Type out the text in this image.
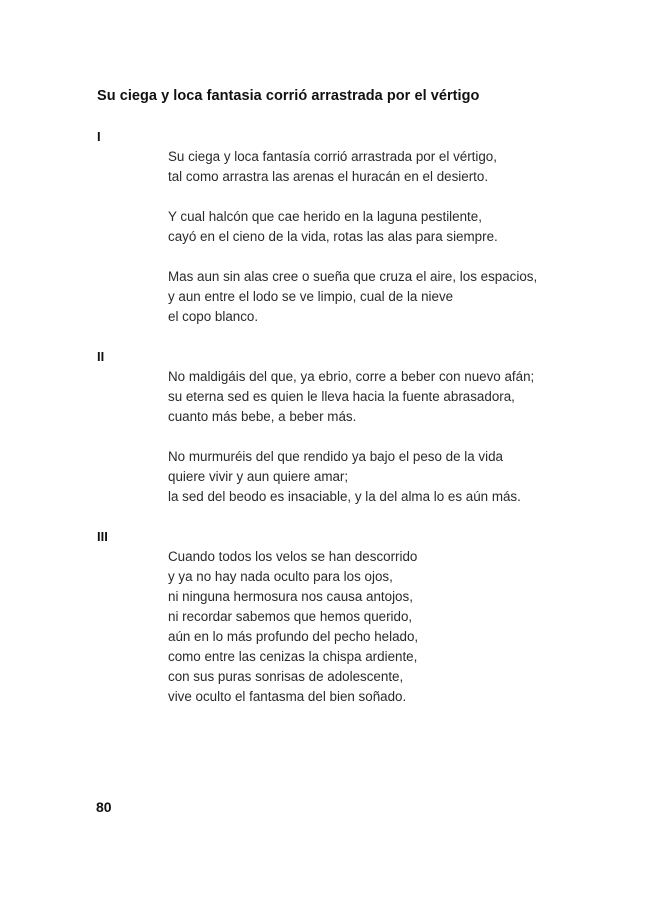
Su ciega y loca fantasia corrió arrastrada por el vértigo
I
Su ciega y loca fantasía corrió arrastrada por el vértigo,
tal como arrastra las arenas el huracán en el desierto.
Y cual halcón que cae herido en la laguna pestilente,
cayó en el cieno de la vida, rotas las alas para siempre.
Mas aun sin alas cree o sueña que cruza el aire, los espacios,
y aun entre el lodo se ve limpio, cual de la nieve
el copo blanco.
II
No maldigáis del que, ya ebrio, corre a beber con nuevo afán;
su eterna sed es quien le lleva hacia la fuente abrasadora,
cuanto más bebe, a beber más.
No murmuréis del que rendido ya bajo el peso de la vida
quiere vivir y aun quiere amar;
la sed del beodo es insaciable, y la del alma lo es aún más.
III
Cuando todos los velos se han descorrido
y ya no hay nada oculto para los ojos,
ni ninguna hermosura nos causa antojos,
ni recordar sabemos que hemos querido,
aún en lo más profundo del pecho helado,
como entre las cenizas la chispa ardiente,
con sus puras sonrisas de adolescente,
vive oculto el fantasma del bien soñado.
80
